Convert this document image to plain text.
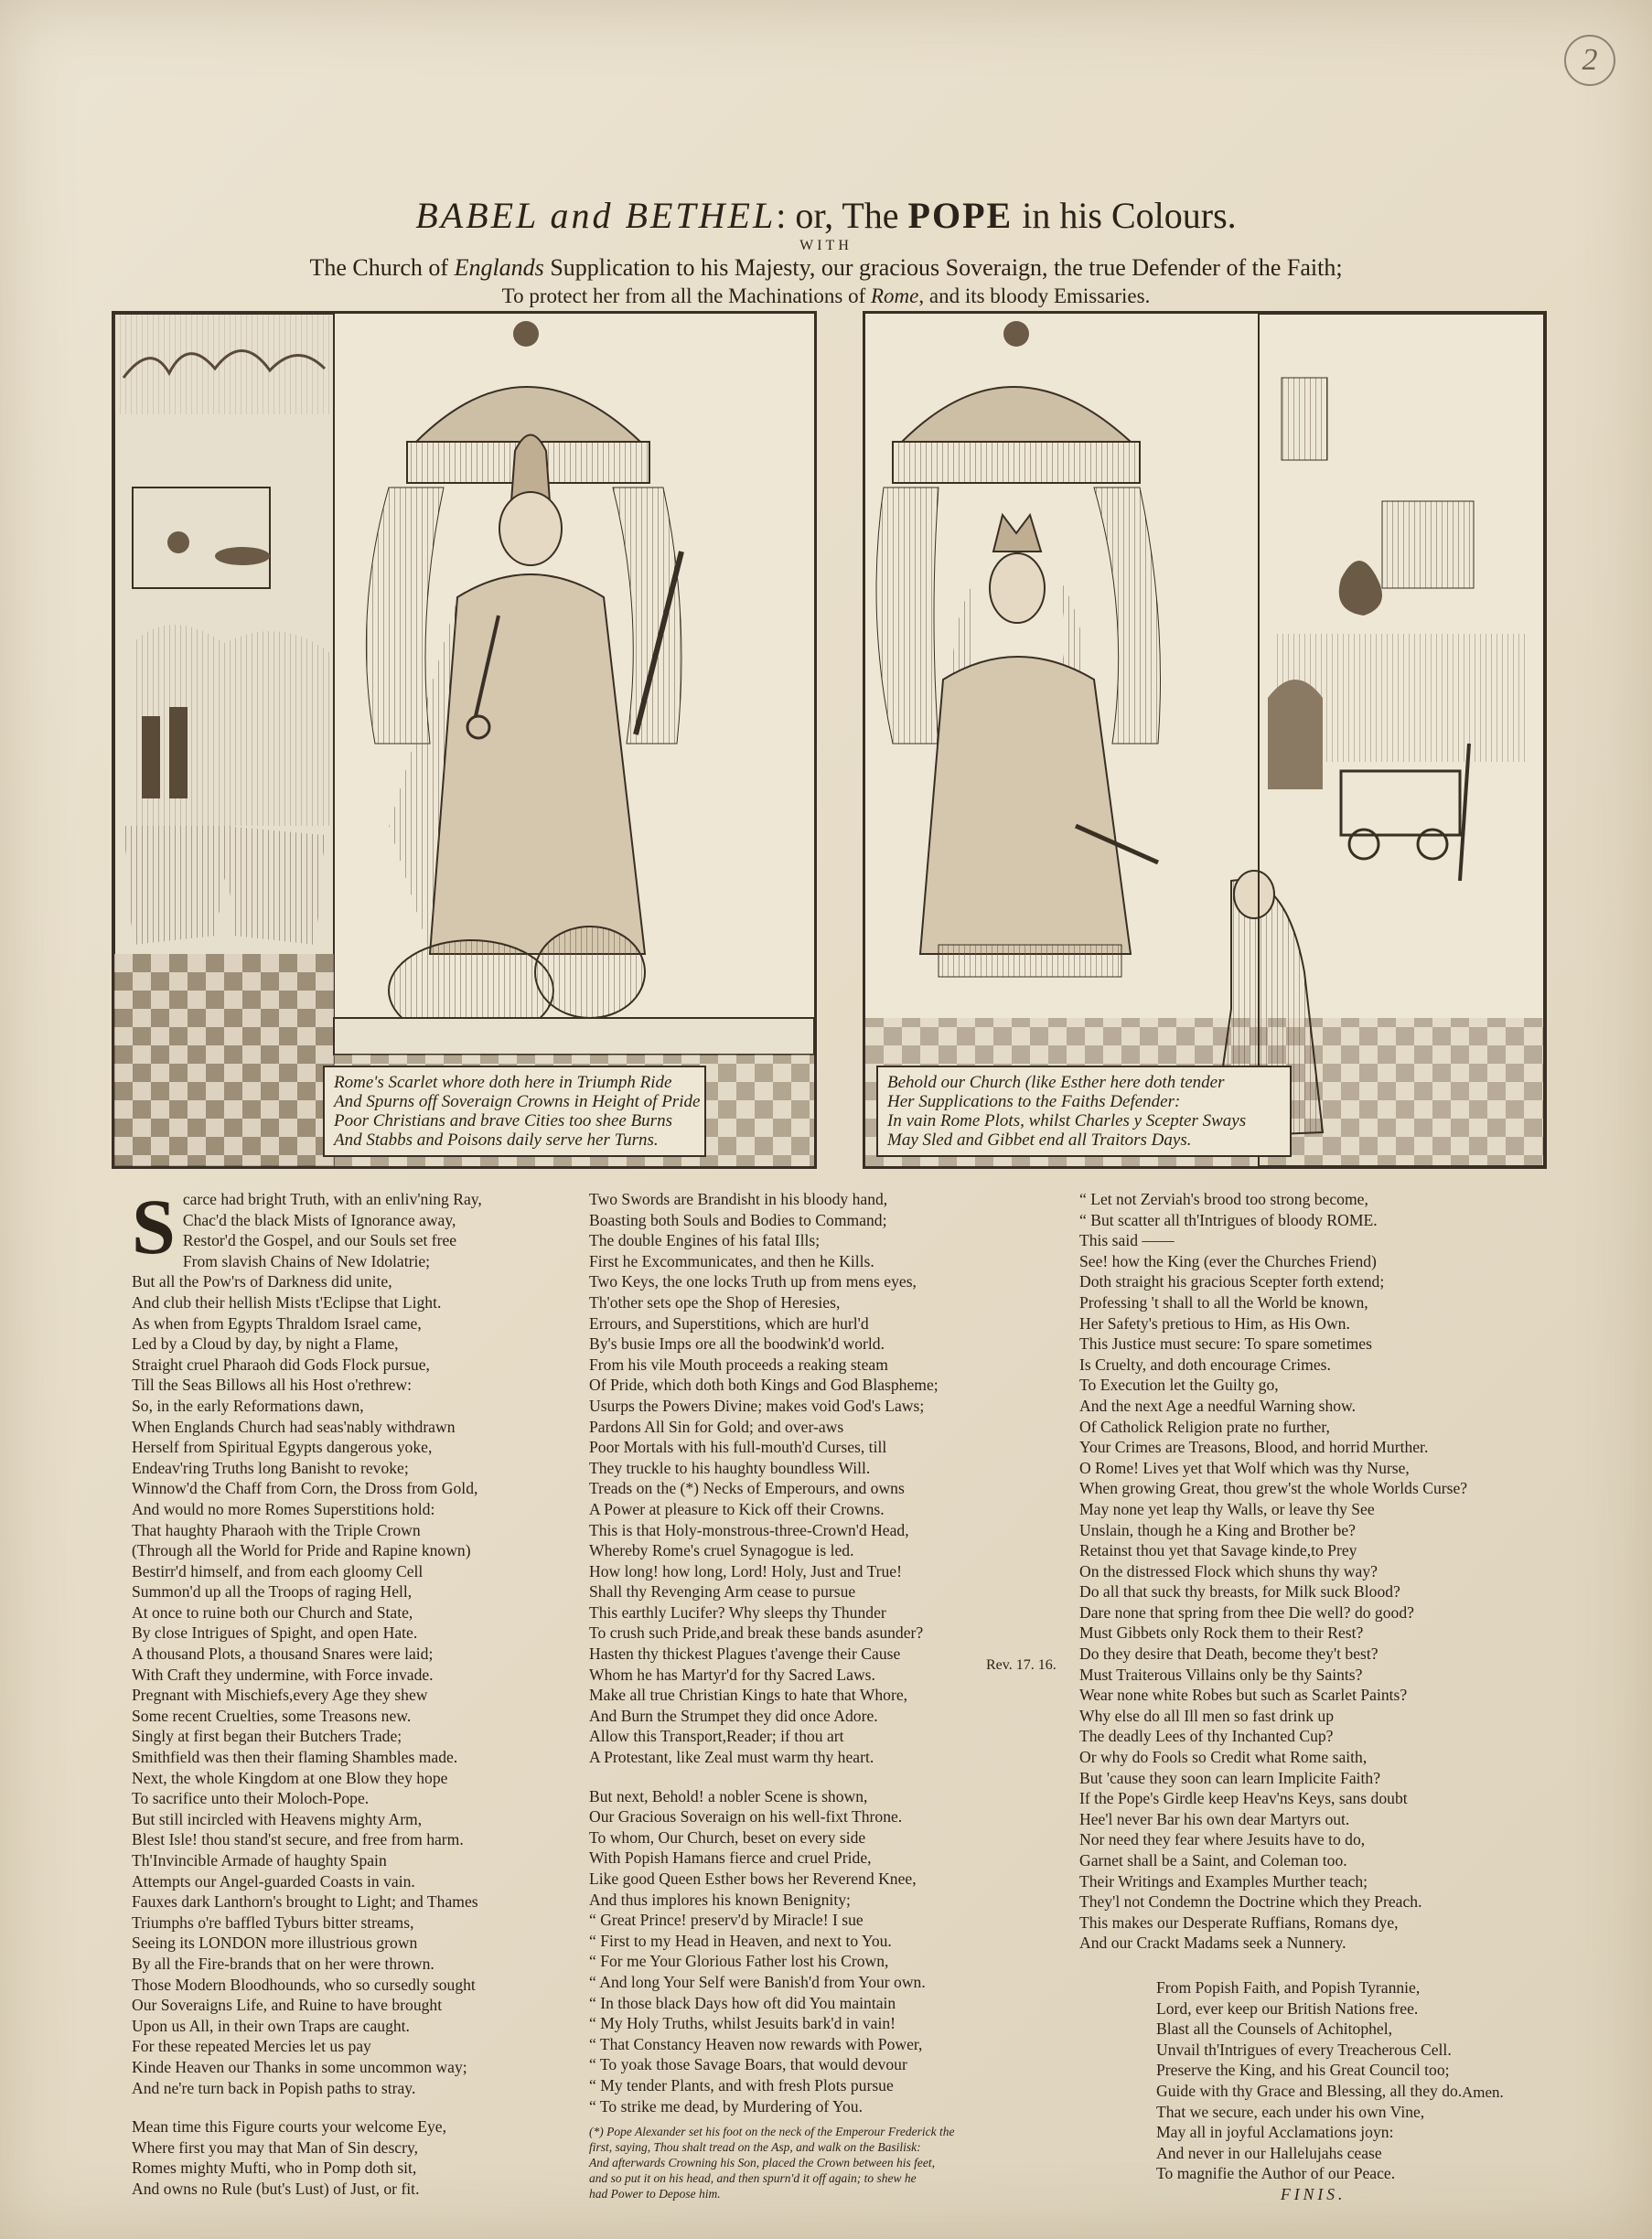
2
BABEL and BETHEL: or, The POPE in his Colours.
WITH
The Church of Englands Supplication to his Majesty, our gracious Soveraign, the true Defender of the Faith;
To protect her from all the Machinations of Rome, and its bloody Emissaries.
Rome's Scarlet whore doth here in Triumph Ride
And Spurns off Soveraign Crowns in Height of Pride
Poor Christians and brave Cities too shee Burns
And Stabbs and Poisons daily serve her Turns.
Behold our Church (like Esther here doth tender
Her Supplications to the Faiths Defender:
In vain Rome Plots, whilst Charles y Scepter Sways
May Sled and Gibbet end all Traitors Days.
S carce had bright Truth, with an enliv'ning Ray,
Chac'd the black Mists of Ignorance away,
Restor'd the Gospel, and our Souls set free
From slavish Chains of New Idolatrie;
But all the Pow'rs of Darkness did unite,
And club their hellish Mists t'Eclipse that Light.
As when from Egypts Thraldom Israel came,
Led by a Cloud by day, by night a Flame,
Straight cruel Pharaoh did Gods Flock pursue,
Till the Seas Billows all his Host o'rethrew:
So, in the early Reformations dawn,
When Englands Church had seas'nably withdrawn
Herself from Spiritual Egypts dangerous yoke,
Endeav'ring Truths long Banisht to revoke;
Winnow'd the Chaff from Corn, the Dross from Gold,
And would no more Romes Superstitions hold:
That haughty Pharaoh with the Triple Crown
(Through all the World for Pride and Rapine known)
Bestirr'd himself, and from each gloomy Cell
Summon'd up all the Troops of raging Hell,
At once to ruine both our Church and State,
By close Intrigues of Spight, and open Hate.
A thousand Plots, a thousand Snares were laid;
With Craft they undermine, with Force invade.
Pregnant with Mischiefs,every Age they shew
Some recent Cruelties, some Treasons new.
Singly at first began their Butchers Trade;
Smithfield was then their flaming Shambles made.
Next, the whole Kingdom at one Blow they hope
To sacrifice unto their Moloch-Pope.
But still incircled with Heavens mighty Arm,
Blest Isle! thou stand'st secure, and free from harm.
Th'Invincible Armade of haughty Spain
Attempts our Angel-guarded Coasts in vain.
Fauxes dark Lanthorn's brought to Light; and Thames
Triumphs o're baffled Tyburs bitter streams,
Seeing its LONDON more illustrious grown
By all the Fire-brands that on her were thrown.
Those Modern Bloodhounds, who so cursedly sought
Our Soveraigns Life, and Ruine to have brought
Upon us All, in their own Traps are caught.
For these repeated Mercies let us pay
Kinde Heaven our Thanks in some uncommon way;
And ne're turn back in Popish paths to stray.
Mean time this Figure courts your welcome Eye,
Where first you may that Man of Sin descry,
Romes mighty Mufti, who in Pomp doth sit,
And owns no Rule (but's Lust) of Just, or fit.
Two Swords are Brandisht in his bloody hand,
Boasting both Souls and Bodies to Command;
The double Engines of his fatal Ills;
First he Excommunicates, and then he Kills.
Two Keys, the one locks Truth up from mens eyes,
Th'other sets ope the Shop of Heresies,
Errours, and Superstitions, which are hurl'd
By's busie Imps ore all the boodwink'd world.
From his vile Mouth proceeds a reaking steam
Of Pride, which doth both Kings and God Blaspheme;
Usurps the Powers Divine; makes void God's Laws;
Pardons All Sin for Gold; and over-aws
Poor Mortals with his full-mouth'd Curses, till
They truckle to his haughty boundless Will.
Treads on the (*) Necks of Emperours, and owns
A Power at pleasure to Kick off their Crowns.
This is that Holy-monstrous-three-Crown'd Head,
Whereby Rome's cruel Synagogue is led.
How long! how long, Lord! Holy, Just and True!
Shall thy Revenging Arm cease to pursue
This earthly Lucifer? Why sleeps thy Thunder
To crush such Pride,and break these bands asunder?
Hasten thy thickest Plagues t'avenge their Cause
Whom he has Martyr'd for thy Sacred Laws.
Make all true Christian Kings to hate that Whore,
And Burn the Strumpet they did once Adore.
Allow this Transport,Reader; if thou art
A Protestant, like Zeal must warm thy heart.
But next, Behold! a nobler Scene is shown,
Our Gracious Soveraign on his well-fixt Throne.
To whom, Our Church, beset on every side
With Popish Hamans fierce and cruel Pride,
Like good Queen Esther bows her Reverend Knee,
And thus implores his known Benignity;
“ Great Prince! preserv'd by Miracle! I sue
“ First to my Head in Heaven, and next to You.
“ For me Your Glorious Father lost his Crown,
“ And long Your Self were Banish'd from Your own.
“ In those black Days how oft did You maintain
“ My Holy Truths, whilst Jesuits bark'd in vain!
“ That Constancy Heaven now rewards with Power,
“ To yoak those Savage Boars, that would devour
“ My tender Plants, and with fresh Plots pursue
“ To strike me dead, by Murdering of You.
(*) Pope Alexander set his foot on the neck of the Emperour Frederick the
first, saying, Thou shalt tread on the Asp, and walk on the Basilisk:
And afterwards Crowning his Son, placed the Crown between his feet,
and so put it on his head, and then spurn'd it off again; to shew he
had Power to Depose him.
Rev. 17. 16.
“ Let not Zerviah's brood too strong become,
“ But scatter all th'Intrigues of bloody ROME.
This said ——
See! how the King (ever the Churches Friend)
Doth straight his gracious Scepter forth extend;
Professing 't shall to all the World be known,
Her Safety's pretious to Him, as His Own.
This Justice must secure: To spare sometimes
Is Cruelty, and doth encourage Crimes.
To Execution let the Guilty go,
And the next Age a needful Warning show.
Of Catholick Religion prate no further,
Your Crimes are Treasons, Blood, and horrid Murther.
O Rome! Lives yet that Wolf which was thy Nurse,
When growing Great, thou grew'st the whole Worlds Curse?
May none yet leap thy Walls, or leave thy See
Unslain, though he a King and Brother be?
Retainst thou yet that Savage kinde,to Prey
On the distressed Flock which shuns thy way?
Do all that suck thy breasts, for Milk suck Blood?
Dare none that spring from thee Die well? do good?
Must Gibbets only Rock them to their Rest?
Do they desire that Death, become they't best?
Must Traiterous Villains only be thy Saints?
Wear none white Robes but such as Scarlet Paints?
Why else do all Ill men so fast drink up
The deadly Lees of thy Inchanted Cup?
Or why do Fools so Credit what Rome saith,
But 'cause they soon can learn Implicite Faith?
If the Pope's Girdle keep Heav'ns Keys, sans doubt
Hee'l never Bar his own dear Martyrs out.
Nor need they fear where Jesuits have to do,
Garnet shall be a Saint, and Coleman too.
Their Writings and Examples Murther teach;
They'l not Condemn the Doctrine which they Preach.
This makes our Desperate Ruffians, Romans dye,
And our Crackt Madams seek a Nunnery.
From Popish Faith, and Popish Tyrannie,
Lord, ever keep our British Nations free.
Blast all the Counsels of Achitophel,
Unvail th'Intrigues of every Treacherous Cell.
Preserve the King, and his Great Council too;
Guide with thy Grace and Blessing, all they do.
That we secure, each under his own Vine,
May all in joyful Acclamations joyn:
And never in our Hallelujahs cease
To magnifie the Author of our Peace.
FINIS.
Amen.
